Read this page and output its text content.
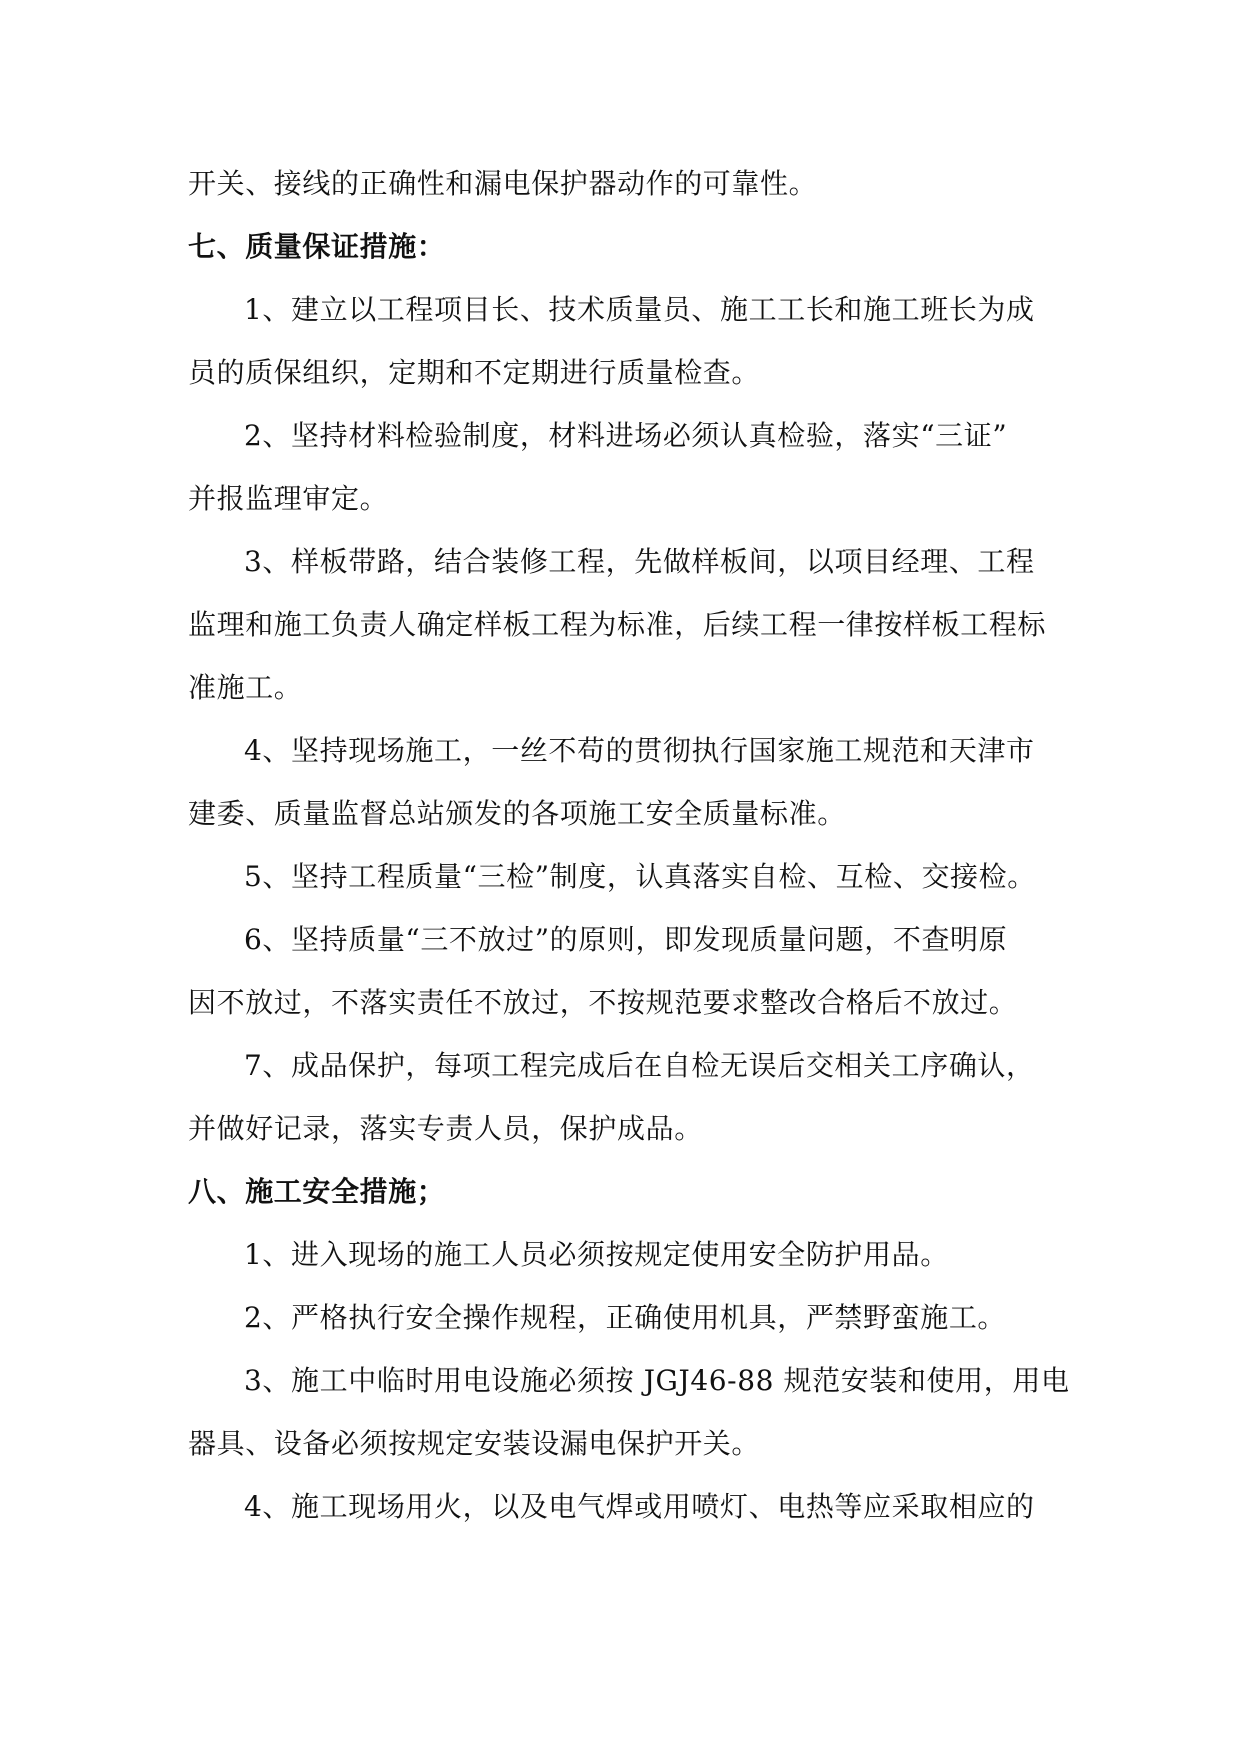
开关、接线的正确性和漏电保护器动作的可靠性。
七、质量保证措施：
1、建立以工程项目长、技术质量员、施工工长和施工班长为成
员的质保组织，定期和不定期进行质量检查。
2、坚持材料检验制度，材料进场必须认真检验，落实“三证”
并报监理审定。
3、样板带路，结合装修工程，先做样板间，以项目经理、工程
监理和施工负责人确定样板工程为标准，后续工程一律按样板工程标
准施工。
4、坚持现场施工，一丝不苟的贯彻执行国家施工规范和天津市
建委、质量监督总站颁发的各项施工安全质量标准。
5、坚持工程质量“三检”制度，认真落实自检、互检、交接检。
6、坚持质量“三不放过”的原则，即发现质量问题，不查明原
因不放过，不落实责任不放过，不按规范要求整改合格后不放过。
7、成品保护，每项工程完成后在自检无误后交相关工序确认，
并做好记录，落实专责人员，保护成品。
八、施工安全措施；
1、进入现场的施工人员必须按规定使用安全防护用品。
2、严格执行安全操作规程，正确使用机具，严禁野蛮施工。
3、施工中临时用电设施必须按 JGJ46-88 规范安装和使用，用电
器具、设备必须按规定安装设漏电保护开关。
4、施工现场用火，以及电气焊或用喷灯、电热等应采取相应的
